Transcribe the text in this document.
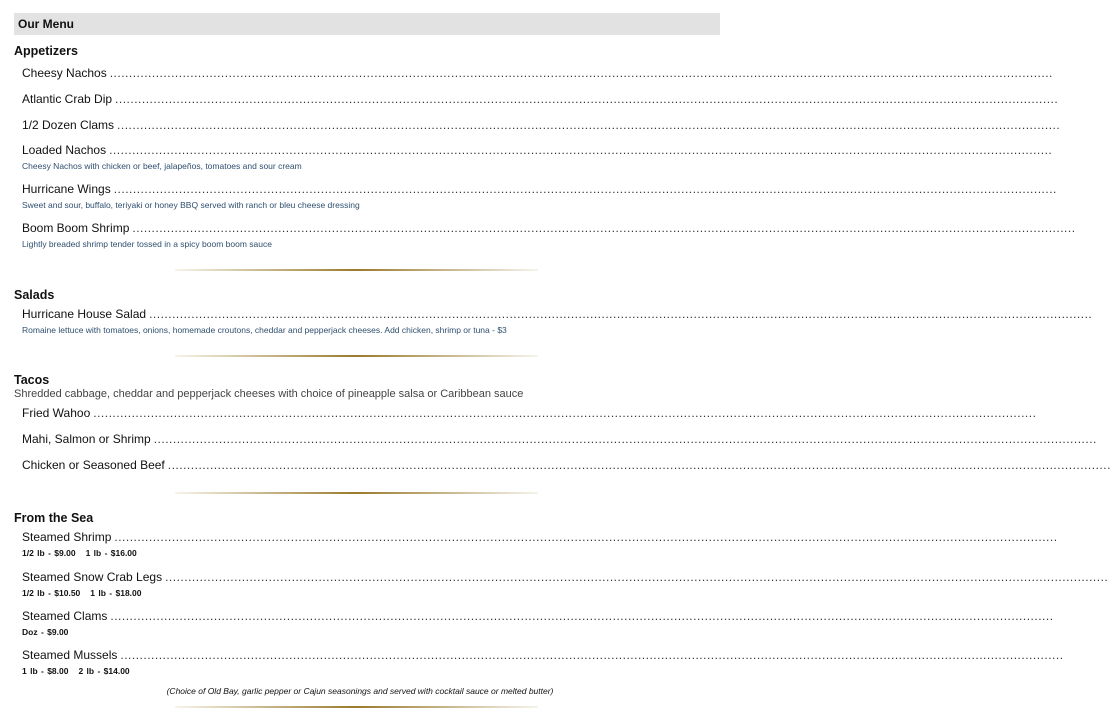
Our Menu
Appetizers
Cheesy Nachos ......................................................................................................................................................................................................................................................
Atlantic Crab Dip ......................................................................................................................................................................................................................................................
1/2 Dozen Clams ......................................................................................................................................................................................................................................................
Loaded Nachos ......................................................................................................................................................................................................................................................
Cheesy Nachos with chicken or beef, jalapeños, tomatoes and sour cream
Hurricane Wings ......................................................................................................................................................................................................................................................
Sweet and sour, buffalo, teriyaki or honey BBQ served with ranch or bleu cheese dressing
Boom Boom Shrimp ......................................................................................................................................................................................................................................................
Lightly breaded shrimp tender tossed in a spicy boom boom sauce
Salads
Hurricane House Salad ......................................................................................................................................................................................................................................................
Romaine lettuce with tomatoes, onions, homemade croutons, cheddar and pepperjack cheeses. Add chicken, shrimp or tuna - $3
Tacos
Shredded cabbage, cheddar and pepperjack cheeses with choice of pineapple salsa or Caribbean sauce
Fried Wahoo ......................................................................................................................................................................................................................................................
Mahi, Salmon or Shrimp ......................................................................................................................................................................................................................................................
Chicken or Seasoned Beef ......................................................................................................................................................................................................................................................
From the Sea
Steamed Shrimp ......................................................................................................................................................................................................................................................
1/2 lb - $9.00 1 lb - $16.00
Steamed Snow Crab Legs ......................................................................................................................................................................................................................................................
1/2 lb - $10.50 1 lb - $18.00
Steamed Clams ......................................................................................................................................................................................................................................................
Doz - $9.00
Steamed Mussels ......................................................................................................................................................................................................................................................
1 lb - $8.00 2 lb - $14.00
(Choice of Old Bay, garlic pepper or Cajun seasonings and served with cocktail sauce or melted butter)
